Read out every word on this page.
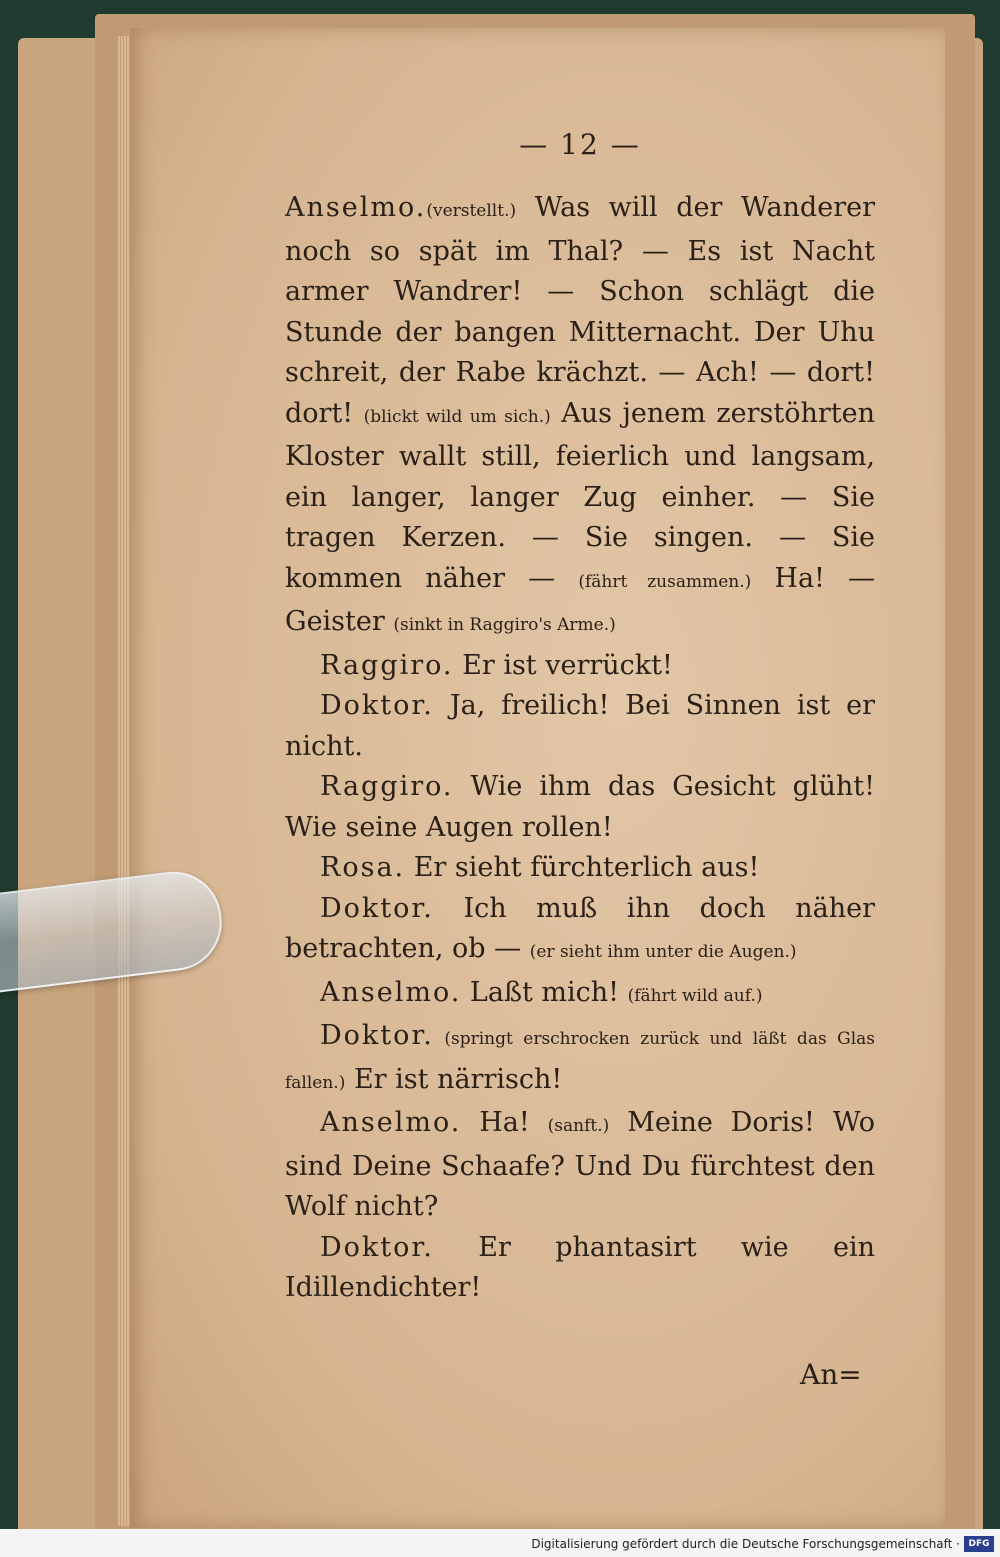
— 12 —

Anselmo.(verstellt.) Was will der Wanderer noch so spät im Thal? — Es ist Nacht armer Wandrer! — Schon schlägt die Stunde der bangen Mitternacht. Der Uhu schreit, der Rabe krächzt. — Ach! — dort! dort! (blickt wild um sich.) Aus jenem zerstöhrten Kloster wallt still, feierlich und langsam, ein langer, langer Zug einher. — Sie tragen Kerzen. — Sie singen. — Sie kommen näher — (fährt zusammen.) Ha! — Geister (sinkt in Raggiro's Arme.)

Raggiro. Er ist verrückt!

Doktor. Ja, freilich! Bei Sinnen ist er nicht.

Raggiro. Wie ihm das Gesicht glüht! Wie seine Augen rollen!

Rosa. Er sieht fürchterlich aus!

Doktor. Ich muß ihn doch näher betrachten, ob — (er sieht ihm unter die Augen.)

Anselmo. Laßt mich! (fährt wild auf.)

Doktor. (springt erschrocken zurück und läßt das Glas fallen.) Er ist närrisch!

Anselmo. Ha! (sanft.) Meine Doris! Wo sind Deine Schaafe? Und Du fürchtest den Wolf nicht?

Doktor. Er phantasirt wie ein Idillendichter!

An=
Digitalisierung gefördert durch die Deutsche Forschungsgemeinschaft · DFG
